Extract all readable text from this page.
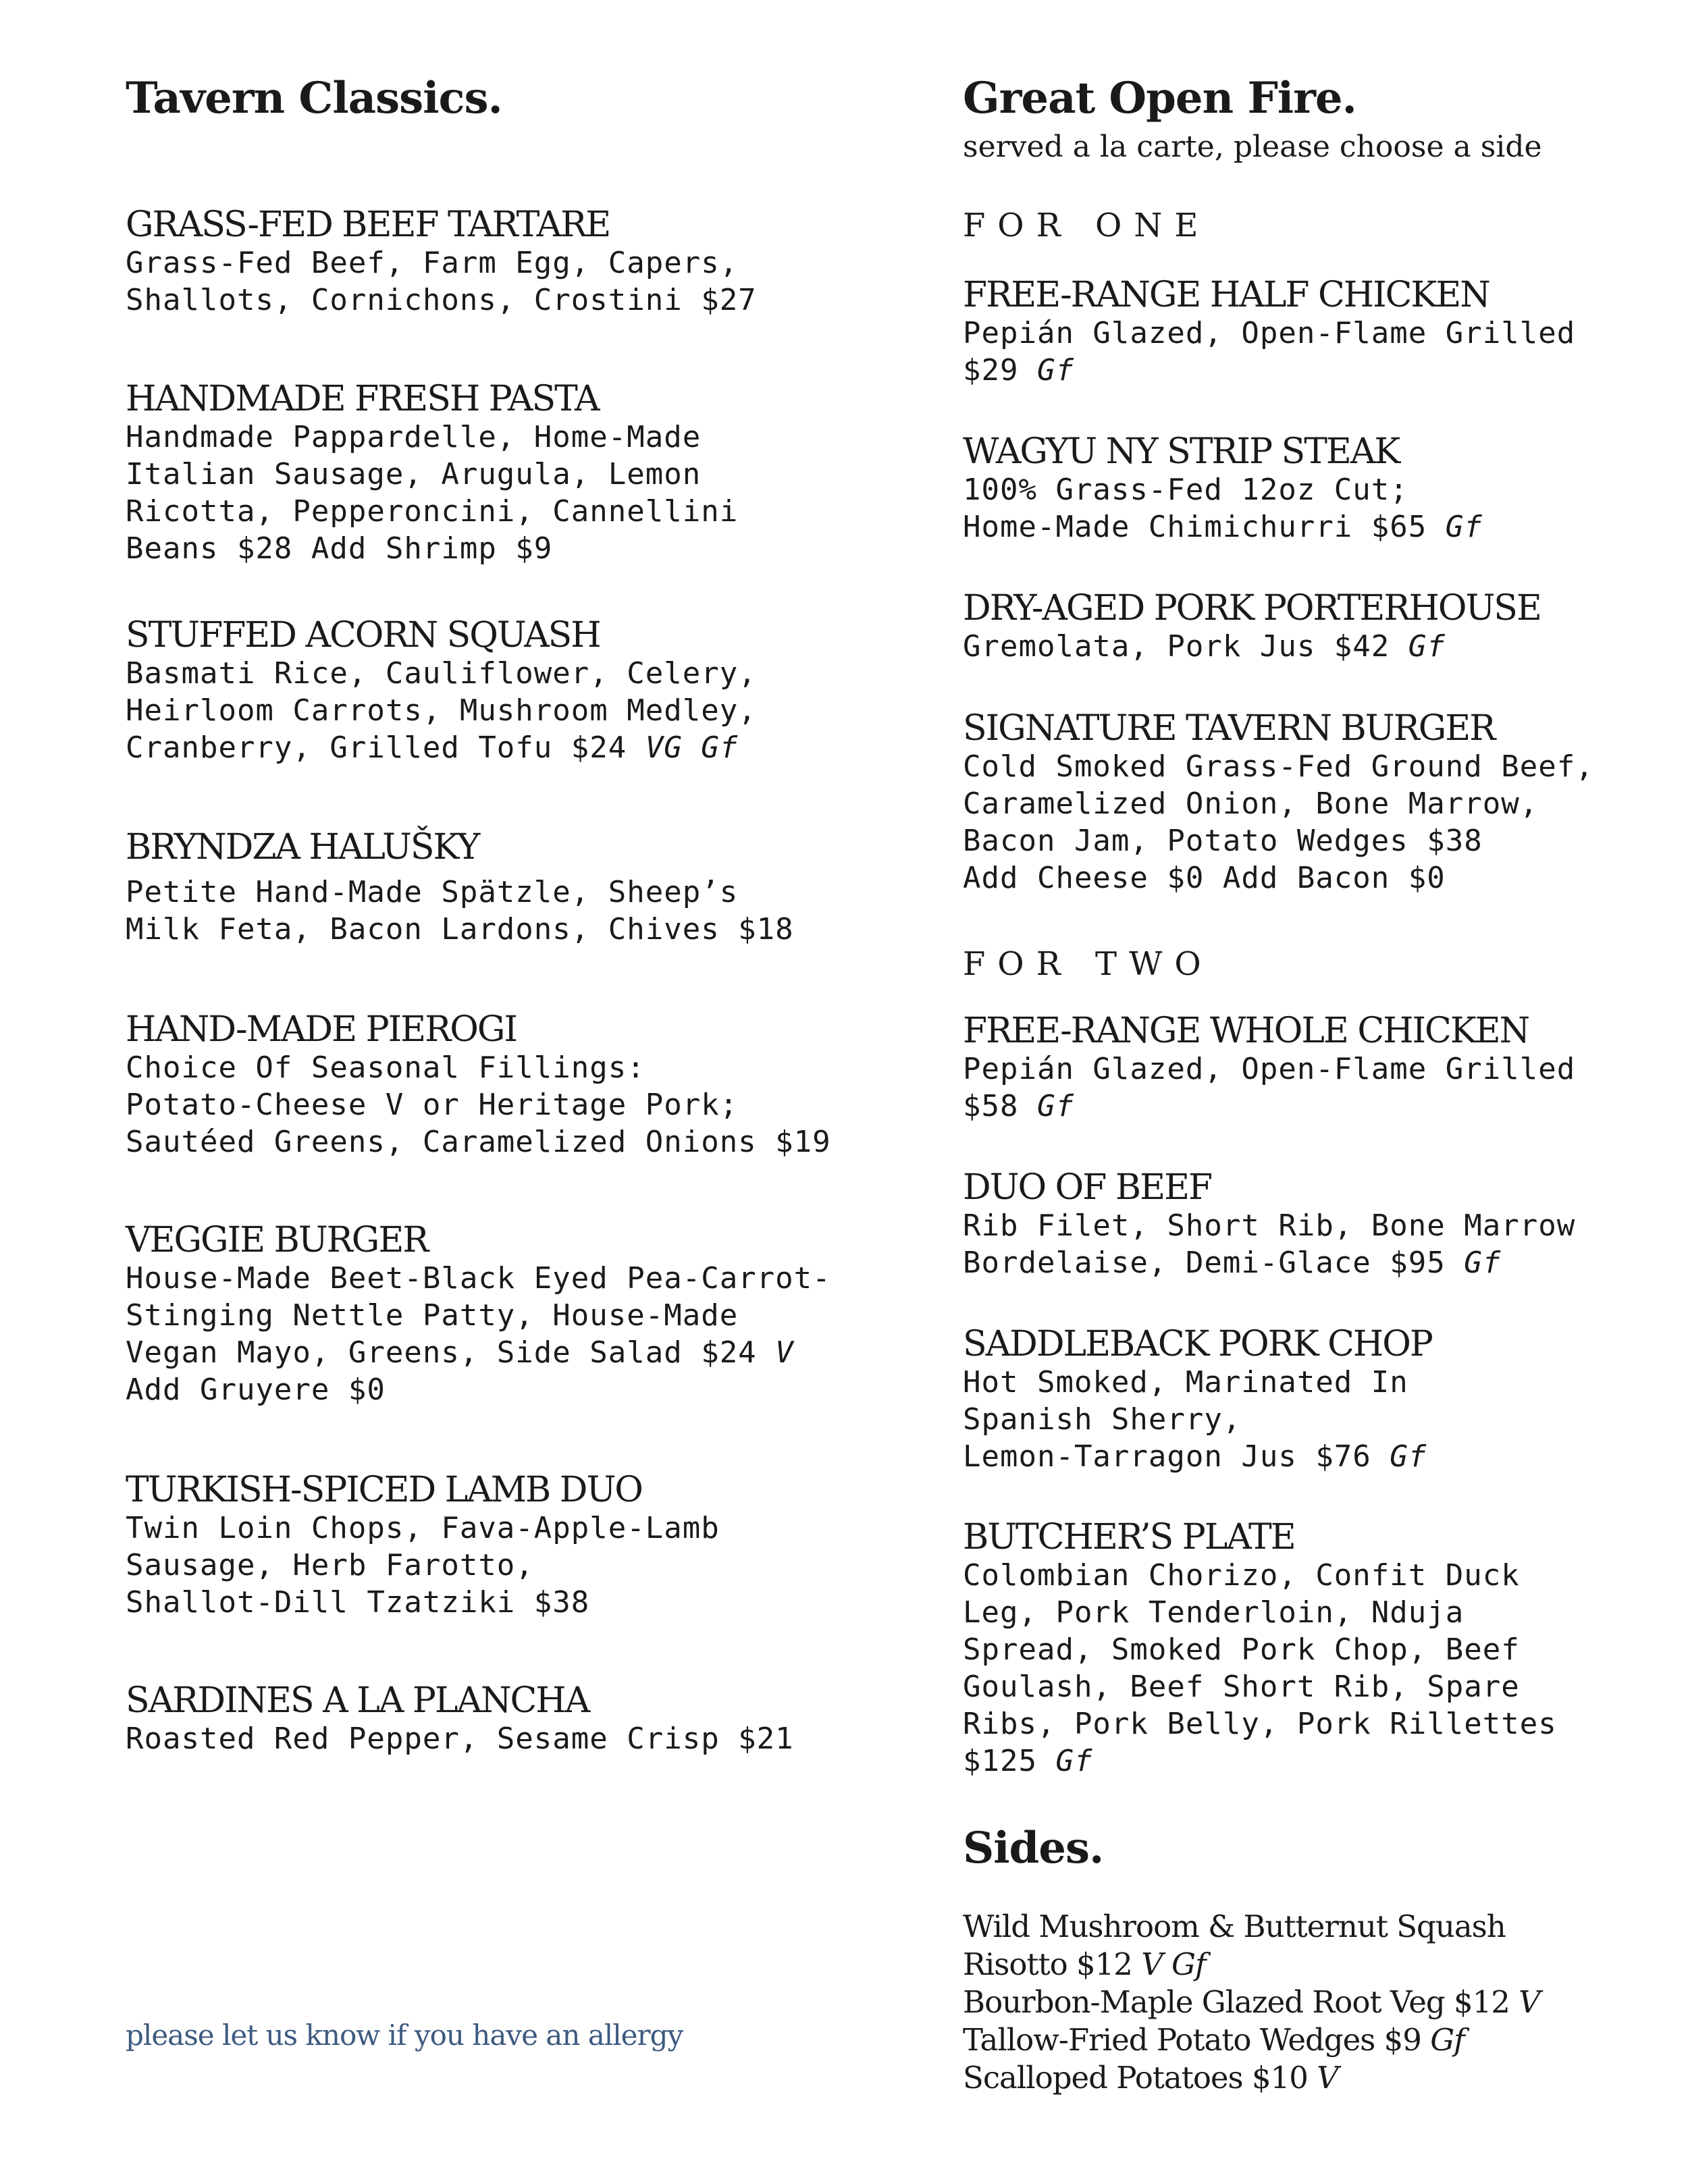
Tavern Classics.
GRASS-FED BEEF TARTARE
Grass-Fed Beef, Farm Egg, Capers,
Shallots, Cornichons, Crostini $27
HANDMADE FRESH PASTA
Handmade Pappardelle, Home-Made
Italian Sausage, Arugula, Lemon
Ricotta, Pepperoncini, Cannellini
Beans $28 Add Shrimp $9
STUFFED ACORN SQUASH
Basmati Rice, Cauliflower, Celery,
Heirloom Carrots, Mushroom Medley,
Cranberry, Grilled Tofu $24 VG Gf
BRYNDZA HALUŠKY
Petite Hand-Made Spätzle, Sheep’s
Milk Feta, Bacon Lardons, Chives $18
HAND-MADE PIEROGI
Choice Of Seasonal Fillings:
Potato-Cheese V or Heritage Pork;
Sautéed Greens, Caramelized Onions $19
VEGGIE BURGER
House-Made Beet-Black Eyed Pea-Carrot-
Stinging Nettle Patty, House-Made
Vegan Mayo, Greens, Side Salad $24 V
Add Gruyere $0
TURKISH-SPICED LAMB DUO
Twin Loin Chops, Fava-Apple-Lamb
Sausage, Herb Farotto,
Shallot-Dill Tzatziki $38
SARDINES A LA PLANCHA
Roasted Red Pepper, Sesame Crisp $21
please let us know if you have an allergy
Great Open Fire.
served a la carte, please choose a side
FOR ONE
FREE-RANGE HALF CHICKEN
Pepián Glazed, Open-Flame Grilled
$29 Gf
WAGYU NY STRIP STEAK
100% Grass-Fed 12oz Cut;
Home-Made Chimichurri $65 Gf
DRY-AGED PORK PORTERHOUSE
Gremolata, Pork Jus $42 Gf
SIGNATURE TAVERN BURGER
Cold Smoked Grass-Fed Ground Beef,
Caramelized Onion, Bone Marrow,
Bacon Jam, Potato Wedges $38
Add Cheese $0 Add Bacon $0
FOR TWO
FREE-RANGE WHOLE CHICKEN
Pepián Glazed, Open-Flame Grilled
$58 Gf
DUO OF BEEF
Rib Filet, Short Rib, Bone Marrow
Bordelaise, Demi-Glace $95 Gf
SADDLEBACK PORK CHOP
Hot Smoked, Marinated In
Spanish Sherry,
Lemon-Tarragon Jus $76 Gf
BUTCHER’S PLATE
Colombian Chorizo, Confit Duck
Leg, Pork Tenderloin, Nduja
Spread, Smoked Pork Chop, Beef
Goulash, Beef Short Rib, Spare
Ribs, Pork Belly, Pork Rillettes
$125 Gf
Sides.
Wild Mushroom & Butternut Squash
Risotto $12 V Gf
Bourbon-Maple Glazed Root Veg $12 V
Tallow-Fried Potato Wedges $9 Gf
Scalloped Potatoes $10 V
